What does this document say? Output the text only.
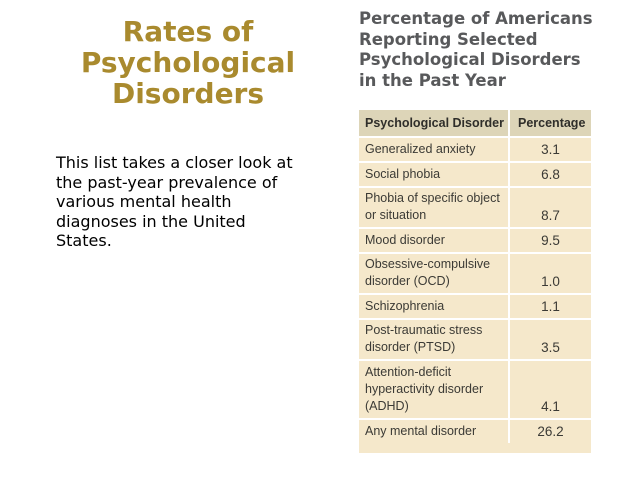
Rates of
Psychological
Disorders

This list takes a closer look at
the past-year prevalence of
various mental health
diagnoses in the United
States.

Percentage of Americans
Reporting Selected
Psychological Disorders
in the Past Year
Psychological Disorder	Percentage
Generalized anxiety	3.1
Social phobia	6.8
Phobia of specific object
or situation	8.7
Mood disorder	9.5
Obsessive-compulsive
disorder (OCD)	1.0
Schizophrenia	1.1
Post-traumatic stress
disorder (PTSD)	3.5
Attention-deficit
hyperactivity disorder
(ADHD)	4.1
Any mental disorder	26.2
